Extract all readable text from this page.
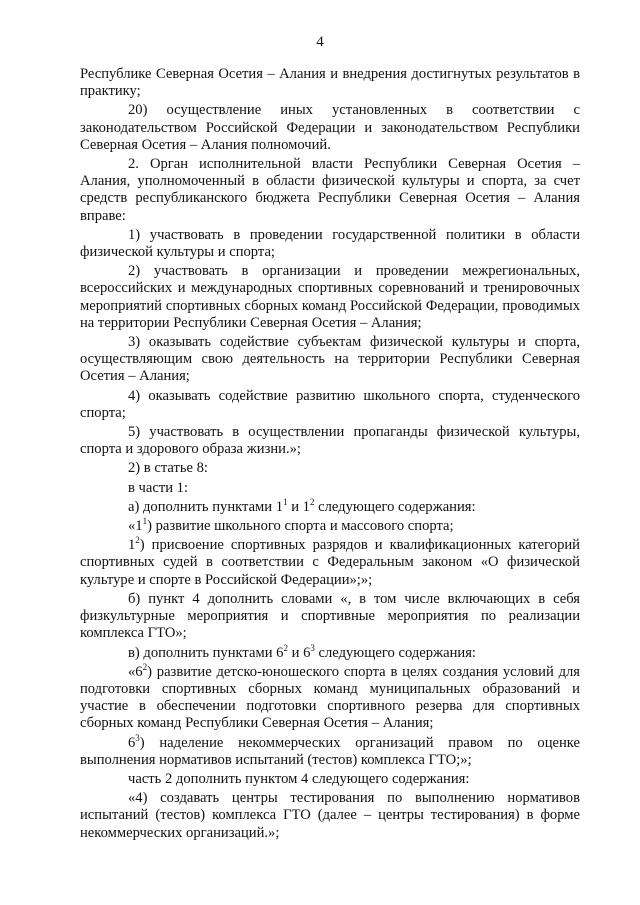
4

Республике Северная Осетия – Алания и внедрения достигнутых результатов в практику;

20) осуществление иных установленных в соответствии с законодательством Российской Федерации и законодательством Республики Северная Осетия – Алания полномочий.

2. Орган исполнительной власти Республики Северная Осетия – Алания, уполномоченный в области физической культуры и спорта, за счет средств республиканского бюджета Республики Северная Осетия – Алания вправе:

1) участвовать в проведении государственной политики в области физической культуры и спорта;

2) участвовать в организации и проведении межрегиональных, всероссийских и международных спортивных соревнований и тренировочных мероприятий спортивных сборных команд Российской Федерации, проводимых на территории Республики Северная Осетия – Алания;

3) оказывать содействие субъектам физической культуры и спорта, осуществляющим свою деятельность на территории Республики Северная Осетия – Алания;

4) оказывать содействие развитию школьного спорта, студенческого спорта;

5) участвовать в осуществлении пропаганды физической культуры, спорта и здорового образа жизни.»;

2) в статье 8:

в части 1:

а) дополнить пунктами $1^1$ и $1^2$ следующего содержания:

«$1^1$) развитие школьного спорта и массового спорта;

$1^2$) присвоение спортивных разрядов и квалификационных категорий спортивных судей в соответствии с Федеральным законом «О физической культуре и спорте в Российской Федерации»;»;

б) пункт 4 дополнить словами «, в том числе включающих в себя физкультурные мероприятия и спортивные мероприятия по реализации комплекса ГТО»;

в) дополнить пунктами $6^2$ и $6^3$ следующего содержания:

«$6^2$) развитие детско-юношеского спорта в целях создания условий для подготовки спортивных сборных команд муниципальных образований и участие в обеспечении подготовки спортивного резерва для спортивных сборных команд Республики Северная Осетия – Алания;

$6^3$) наделение некоммерческих организаций правом по оценке выполнения нормативов испытаний (тестов) комплекса ГТО;»;

часть 2 дополнить пунктом 4 следующего содержания:

«4) создавать центры тестирования по выполнению нормативов испытаний (тестов) комплекса ГТО (далее – центры тестирования) в форме некоммерческих организаций.»;
